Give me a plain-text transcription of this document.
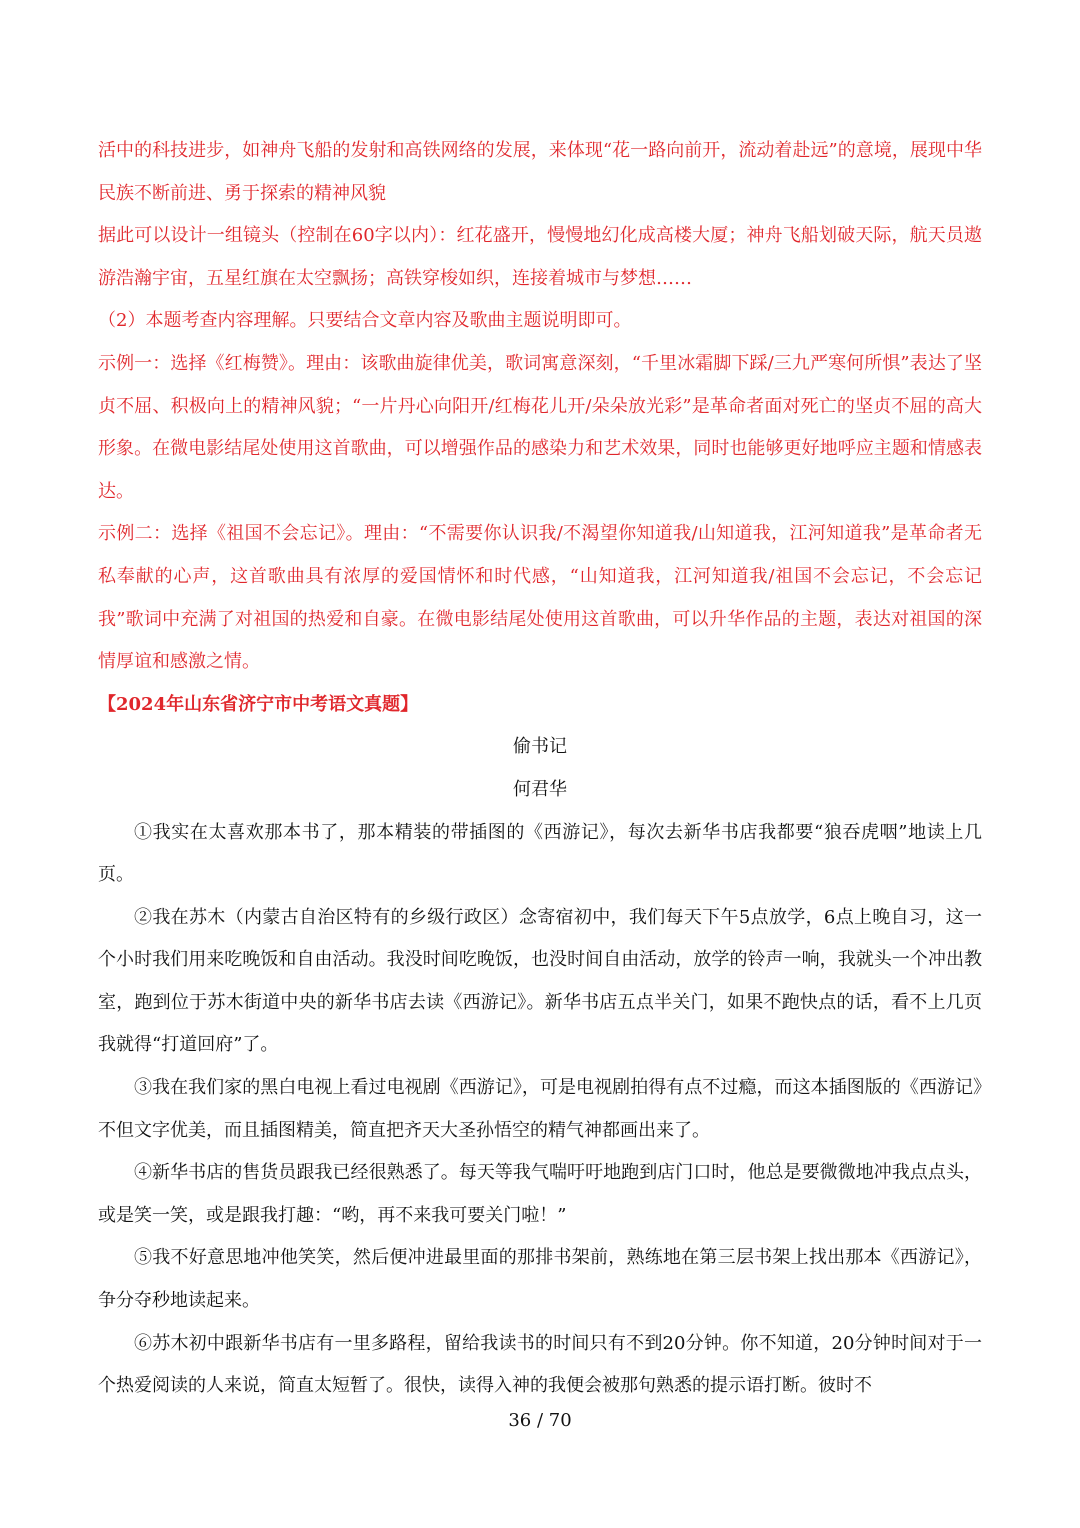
活中的科技进步，如神舟飞船的发射和高铁网络的发展，来体现“花一路向前开，流动着赴远”的意境，展现中华民族不断前进、勇于探索的精神风貌

据此可以设计一组镜头（控制在60字以内）：红花盛开，慢慢地幻化成高楼大厦；神舟飞船划破天际，航天员遨游浩瀚宇宙，五星红旗在太空飘扬；高铁穿梭如织，连接着城市与梦想……

（2）本题考查内容理解。只要结合文章内容及歌曲主题说明即可。

示例一：选择《红梅赞》。理由：该歌曲旋律优美，歌词寓意深刻，“千里冰霜脚下踩/三九严寒何所惧”表达了坚贞不屈、积极向上的精神风貌；“一片丹心向阳开/红梅花儿开/朵朵放光彩”是革命者面对死亡的坚贞不屈的高大形象。在微电影结尾处使用这首歌曲，可以增强作品的感染力和艺术效果，同时也能够更好地呼应主题和情感表达。

示例二：选择《祖国不会忘记》。理由：“不需要你认识我/不渴望你知道我/山知道我，江河知道我”是革命者无私奉献的心声，这首歌曲具有浓厚的爱国情怀和时代感，“山知道我，江河知道我/祖国不会忘记，不会忘记我”歌词中充满了对祖国的热爱和自豪。在微电影结尾处使用这首歌曲，可以升华作品的主题，表达对祖国的深情厚谊和感激之情。

【2024年山东省济宁市中考语文真题】

偷书记

何君华

①我实在太喜欢那本书了，那本精装的带插图的《西游记》，每次去新华书店我都要“狼吞虎咽”地读上几页。

②我在苏木（内蒙古自治区特有的乡级行政区）念寄宿初中，我们每天下午5点放学，6点上晚自习，这一个小时我们用来吃晚饭和自由活动。我没时间吃晚饭，也没时间自由活动，放学的铃声一响，我就头一个冲出教室，跑到位于苏木街道中央的新华书店去读《西游记》。新华书店五点半关门，如果不跑快点的话，看不上几页我就得“打道回府”了。

③我在我们家的黑白电视上看过电视剧《西游记》，可是电视剧拍得有点不过瘾，而这本插图版的《西游记》不但文字优美，而且插图精美，简直把齐天大圣孙悟空的精气神都画出来了。

④新华书店的售货员跟我已经很熟悉了。每天等我气喘吁吁地跑到店门口时，他总是要微微地冲我点点头，或是笑一笑，或是跟我打趣：“哟，再不来我可要关门啦！”

⑤我不好意思地冲他笑笑，然后便冲进最里面的那排书架前，熟练地在第三层书架上找出那本《西游记》，争分夺秒地读起来。

⑥苏木初中跟新华书店有一里多路程，留给我读书的时间只有不到20分钟。你不知道，20分钟时间对于一个热爱阅读的人来说，简直太短暂了。很快，读得入神的我便会被那句熟悉的提示语打断。彼时不

36 / 70
